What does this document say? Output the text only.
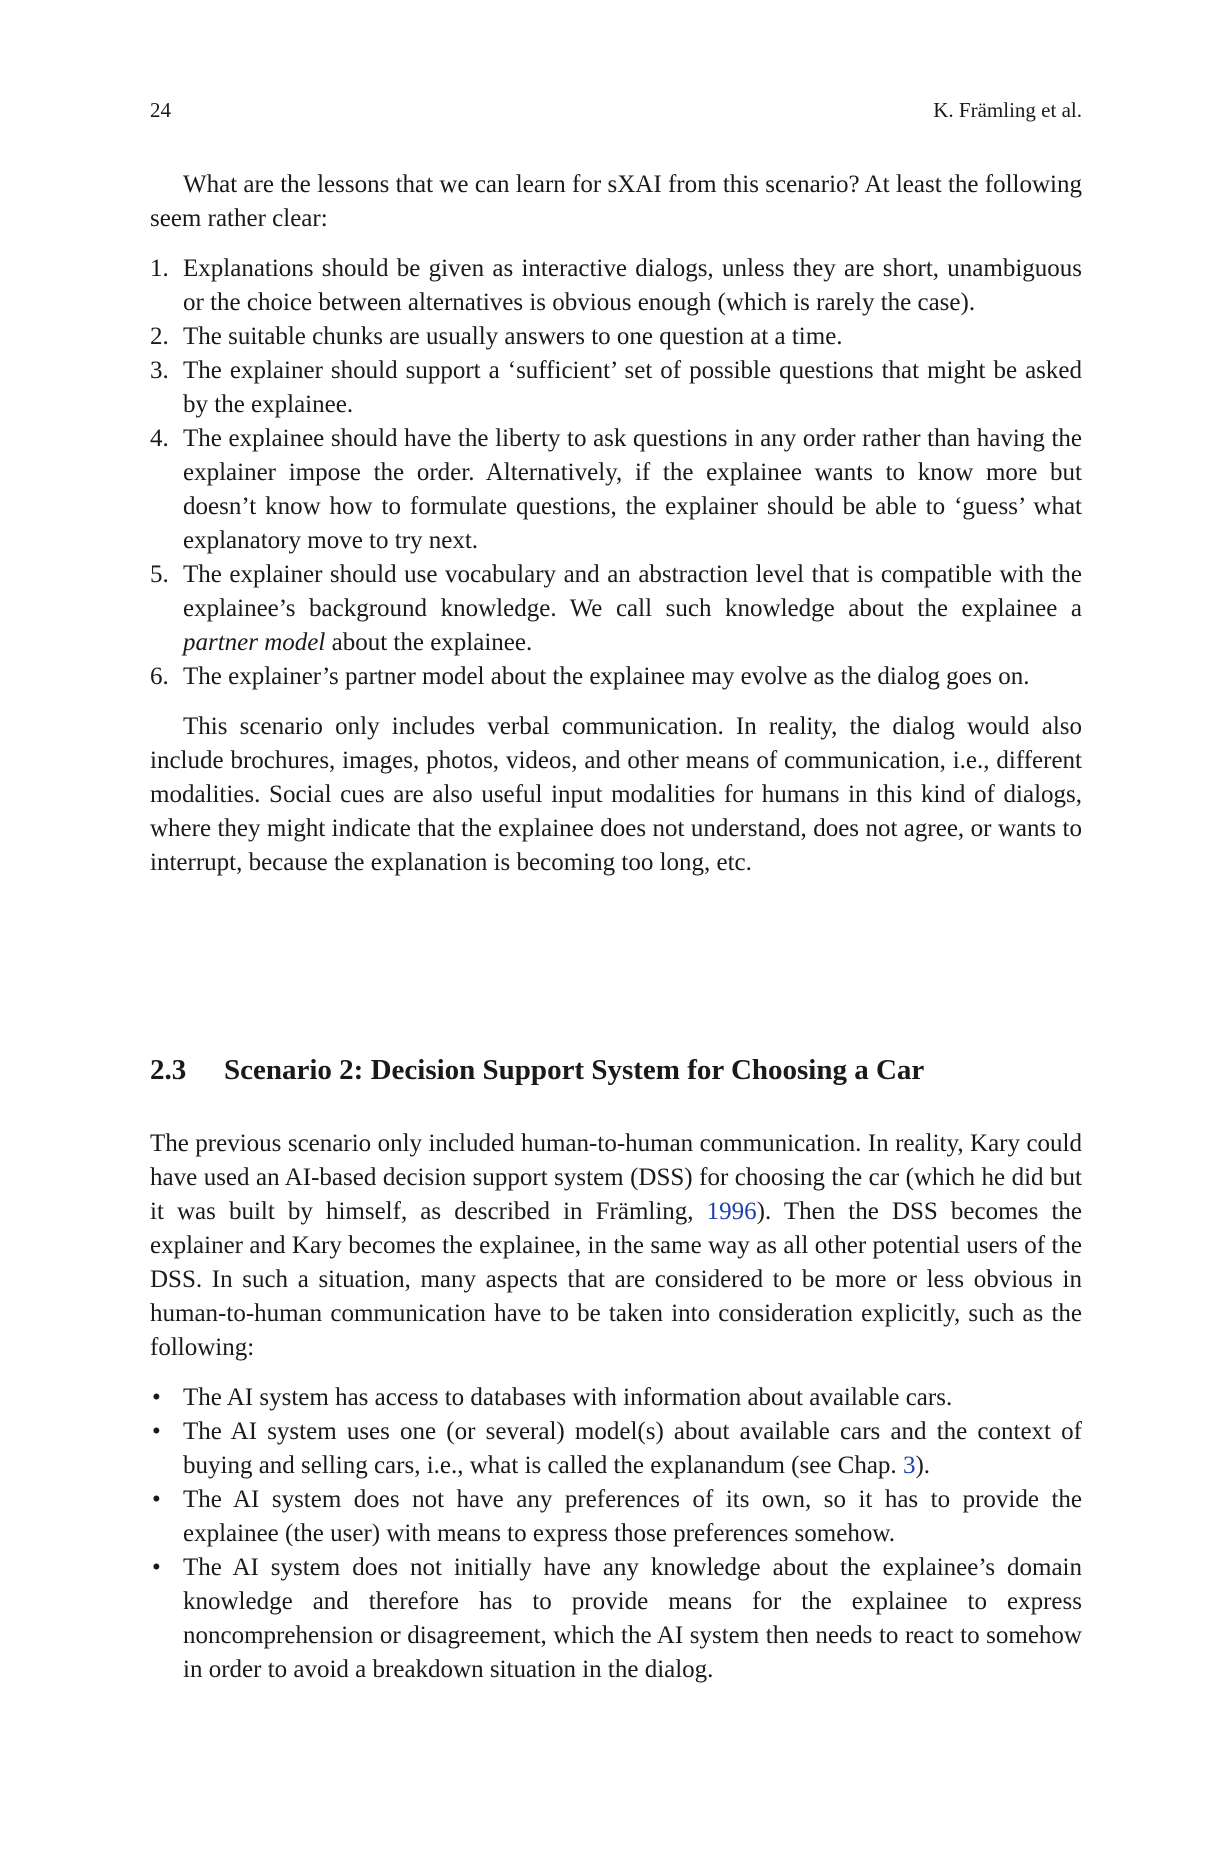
24	K. Främling et al.

What are the lessons that we can learn for sXAI from this scenario? At least the following seem rather clear:

1. Explanations should be given as interactive dialogs, unless they are short, unambiguous or the choice between alternatives is obvious enough (which is rarely the case).
2. The suitable chunks are usually answers to one question at a time.
3. The explainer should support a ‘sufficient’ set of possible questions that might be asked by the explainee.
4. The explainee should have the liberty to ask questions in any order rather than having the explainer impose the order. Alternatively, if the explainee wants to know more but doesn’t know how to formulate questions, the explainer should be able to ‘guess’ what explanatory move to try next.
5. The explainer should use vocabulary and an abstraction level that is compatible with the explainee’s background knowledge. We call such knowledge about the explainee a partner model about the explainee.
6. The explainer’s partner model about the explainee may evolve as the dialog goes on.

This scenario only includes verbal communication. In reality, the dialog would also include brochures, images, photos, videos, and other means of communication, i.e., different modalities. Social cues are also useful input modalities for humans in this kind of dialogs, where they might indicate that the explainee does not understand, does not agree, or wants to interrupt, because the explanation is becoming too long, etc.

2.3 Scenario 2: Decision Support System for Choosing a Car

The previous scenario only included human-to-human communication. In reality, Kary could have used an AI-based decision support system (DSS) for choosing the car (which he did but it was built by himself, as described in Främling, 1996). Then the DSS becomes the explainer and Kary becomes the explainee, in the same way as all other potential users of the DSS. In such a situation, many aspects that are considered to be more or less obvious in human-to-human communication have to be taken into consideration explicitly, such as the following:

• The AI system has access to databases with information about available cars.
• The AI system uses one (or several) model(s) about available cars and the context of buying and selling cars, i.e., what is called the explanandum (see Chap. 3).
• The AI system does not have any preferences of its own, so it has to provide the explainee (the user) with means to express those preferences somehow.
• The AI system does not initially have any knowledge about the explainee’s domain knowledge and therefore has to provide means for the explainee to express noncomprehension or disagreement, which the AI system then needs to react to somehow in order to avoid a breakdown situation in the dialog.
